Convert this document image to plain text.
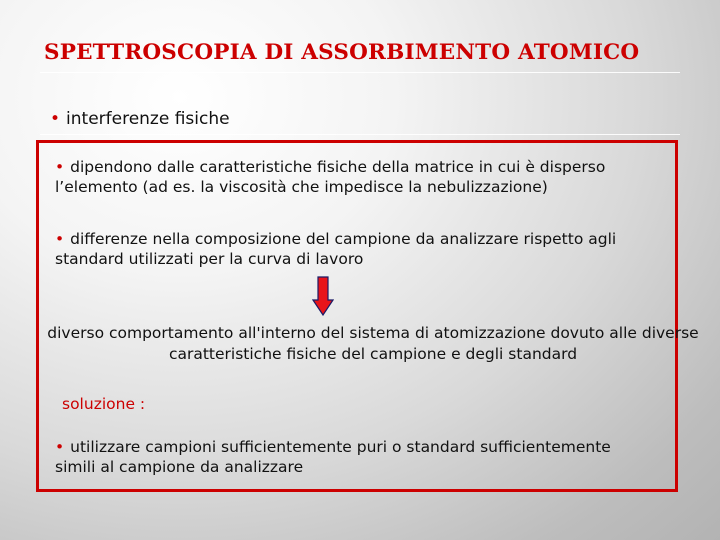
SPETTROSCOPIA DI ASSORBIMENTO ATOMICO
• interferenze fisiche

• dipendono dalle caratteristiche fisiche della matrice in cui è disperso l’elemento (ad es. la viscosità che impedisce la nebulizzazione)

• differenze nella composizione del campione da analizzare rispetto agli standard utilizzati per la curva di lavoro

diverso comportamento all'interno del sistema di atomizzazione dovuto alle diverse caratteristiche fisiche del campione e degli standard

soluzione :

• utilizzare campioni sufficientemente puri o standard sufficientemente simili al campione da analizzare
